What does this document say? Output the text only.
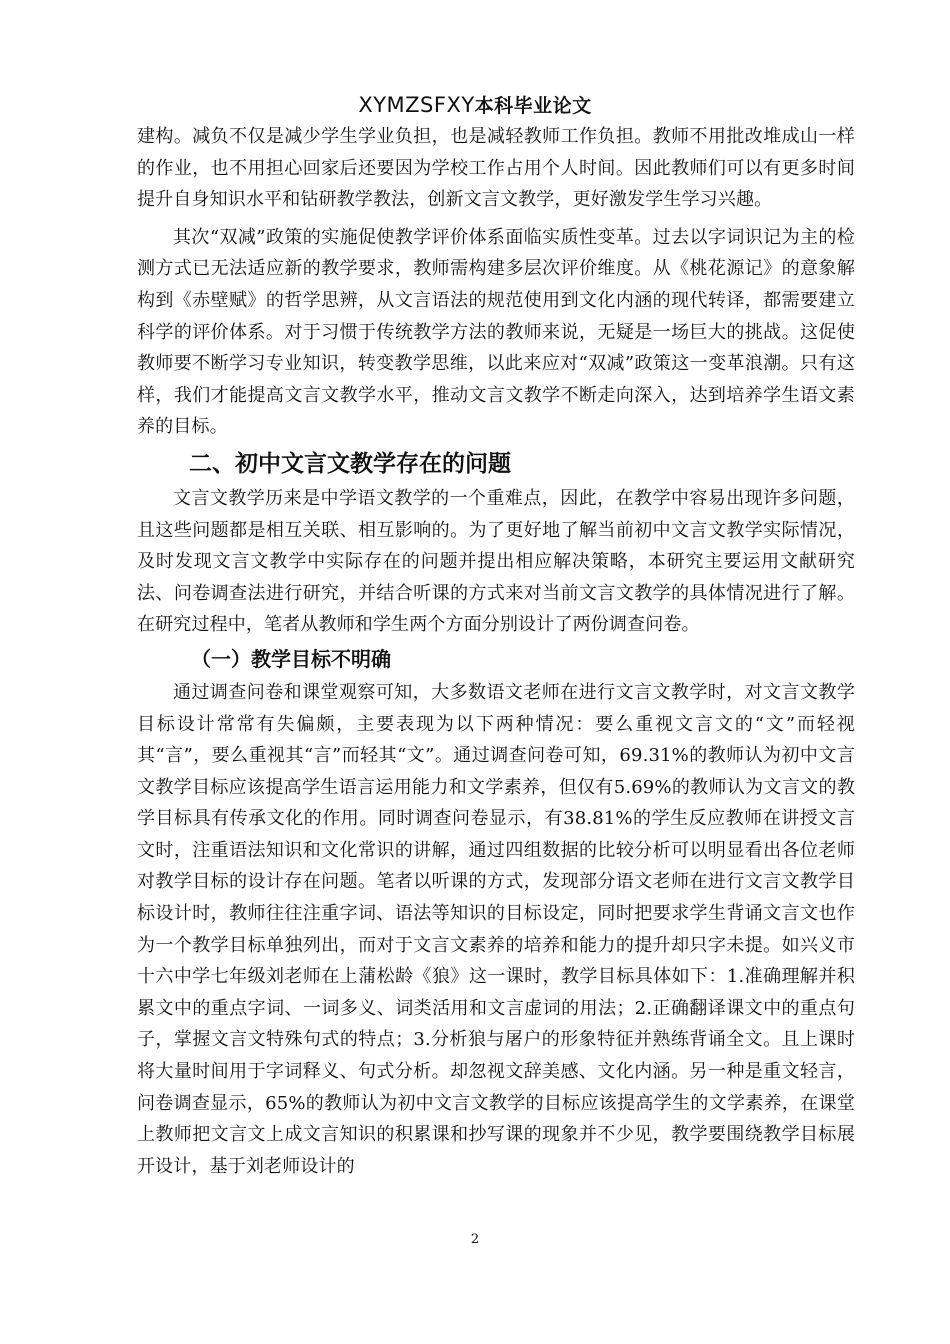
XYMZSFXY本科毕业论文

建构。减负不仅是减少学生学业负担，也是减轻教师工作负担。教师不用批改堆成山一样的作业，也不用担心回家后还要因为学校工作占用个人时间。因此教师们可以有更多时间提升自身知识水平和钻研教学教法，创新文言文教学，更好激发学生学习兴趣。

其次“双减”政策的实施促使教学评价体系面临实质性变革。过去以字词识记为主的检测方式已无法适应新的教学要求，教师需构建多层次评价维度。从《桃花源记》的意象解构到《赤壁赋》的哲学思辨，从文言语法的规范使用到文化内涵的现代转译，都需要建立科学的评价体系。对于习惯于传统教学方法的教师来说，无疑是一场巨大的挑战。这促使教师要不断学习专业知识，转变教学思维，以此来应对“双减”政策这一变革浪潮。只有这样，我们才能提高文言文教学水平，推动文言文教学不断走向深入，达到培养学生语文素养的目标。

二、初中文言文教学存在的问题

文言文教学历来是中学语文教学的一个重难点，因此，在教学中容易出现许多问题，且这些问题都是相互关联、相互影响的。为了更好地了解当前初中文言文教学实际情况，及时发现文言文教学中实际存在的问题并提出相应解决策略，本研究主要运用文献研究法、问卷调查法进行研究，并结合听课的方式来对当前文言文教学的具体情况进行了解。在研究过程中，笔者从教师和学生两个方面分别设计了两份调查问卷。

（一）教学目标不明确

通过调查问卷和课堂观察可知，大多数语文老师在进行文言文教学时，对文言文教学目标设计常常有失偏颇，主要表现为以下两种情况：要么重视文言文的“文”而轻视其“言”，要么重视其“言”而轻其“文”。通过调查问卷可知，69.31%的教师认为初中文言文教学目标应该提高学生语言运用能力和文学素养，但仅有5.69%的教师认为文言文的教学目标具有传承文化的作用。同时调查问卷显示，有38.81%的学生反应教师在讲授文言文时，注重语法知识和文化常识的讲解，通过四组数据的比较分析可以明显看出各位老师对教学目标的设计存在问题。笔者以听课的方式，发现部分语文老师在进行文言文教学目标设计时，教师往往注重字词、语法等知识的目标设定，同时把要求学生背诵文言文也作为一个教学目标单独列出，而对于文言文素养的培养和能力的提升却只字未提。如兴义市十六中学七年级刘老师在上蒲松龄《狼》这一课时，教学目标具体如下：1.准确理解并积累文中的重点字词、一词多义、词类活用和文言虚词的用法；2.正确翻译课文中的重点句子，掌握文言文特殊句式的特点；3.分析狼与屠户的形象特征并熟练背诵全文。且上课时将大量时间用于字词释义、句式分析。却忽视文辞美感、文化内涵。另一种是重文轻言，问卷调查显示，65%的教师认为初中文言文教学的目标应该提高学生的文学素养，在课堂上教师把文言文上成文言知识的积累课和抄写课的现象并不少见，教学要围绕教学目标展开设计，基于刘老师设计的

2
